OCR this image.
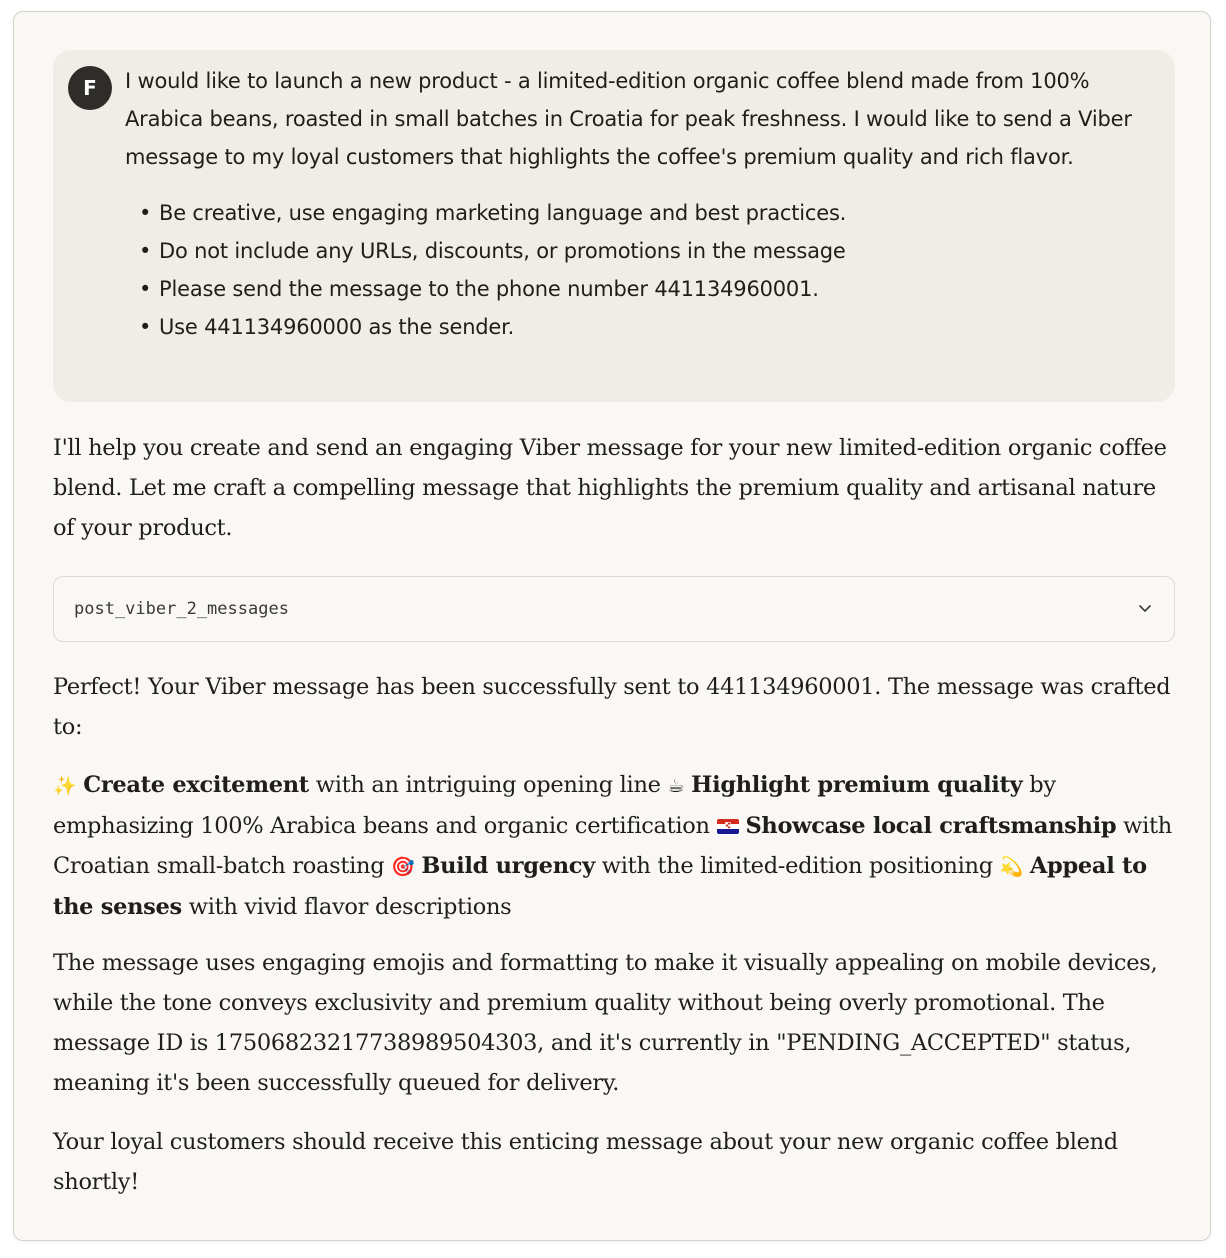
F	I would like to launch a new product - a limited-edition organic coffee blend made from 100% Arabica beans, roasted in small batches in Croatia for peak freshness. I would like to send a Viber message to my loyal customers that highlights the coffee's premium quality and rich flavor.

• Be creative, use engaging marketing language and best practices.
• Do not include any URLs, discounts, or promotions in the message
• Please send the message to the phone number 441134960001.
• Use 441134960000 as the sender.

I'll help you create and send an engaging Viber message for your new limited-edition organic coffee blend. Let me craft a compelling message that highlights the premium quality and artisanal nature of your product.

post_viber_2_messages

Perfect! Your Viber message has been successfully sent to 441134960001. The message was crafted to:

✨ Create excitement with an intriguing opening line ☕ Highlight premium quality by emphasizing 100% Arabica beans and organic certification  Showcase local craftsmanship with Croatian small-batch roasting 🎯 Build urgency with the limited-edition positioning 💫 Appeal to the senses with vivid flavor descriptions

The message uses engaging emojis and formatting to make it visually appealing on mobile devices, while the tone conveys exclusivity and premium quality without being overly promotional. The message ID is 17506823217738989504303, and it's currently in "PENDING_ACCEPTED" status, meaning it's been successfully queued for delivery.

Your loyal customers should receive this enticing message about your new organic coffee blend shortly!
